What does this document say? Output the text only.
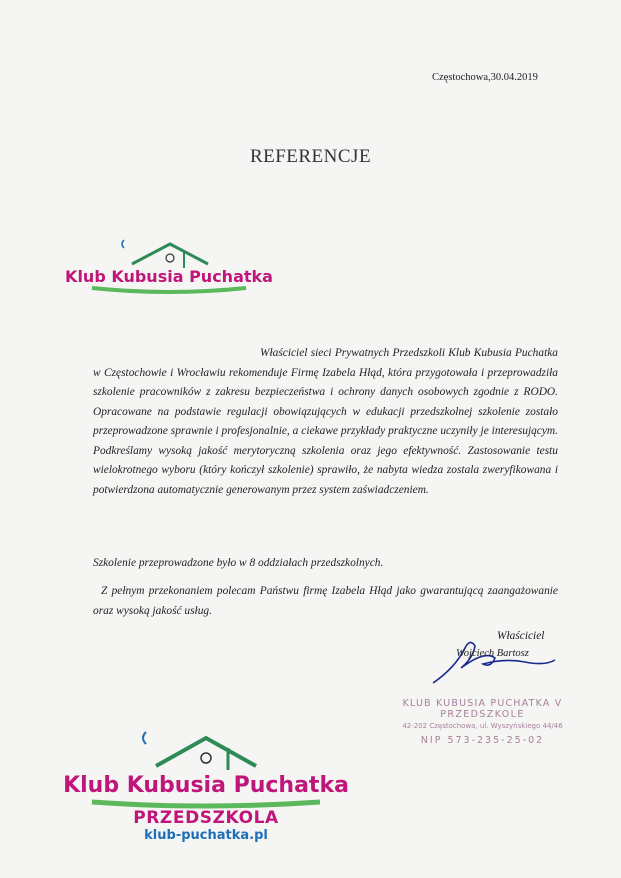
Częstochowa,30.04.2019
REFERENCJE
Klub Kubusia Puchatka

Właściciel sieci Prywatnych Przedszkoli Klub Kubusia Puchatka w Częstochowie i Wrocławiu rekomenduje Firmę Izabela Hłąd, która przygotowała i przeprowadziła szkolenie pracowników z zakresu bezpieczeństwa i ochrony danych osobowych zgodnie z RODO. Opracowane na podstawie regulacji obowiązujących w edukacji przedszkolnej szkolenie zostało przeprowadzone sprawnie i profesjonalnie, a ciekawe przykłady praktyczne uczyniły je interesującym. Podkreślamy wysoką jakość merytoryczną szkolenia oraz jego efektywność. Zastosowanie testu wielokrotnego wyboru (który kończył szkolenie) sprawiło, że nabyta wiedza zostala zweryfikowana i potwierdzona automatycznie generowanym przez system zaświadczeniem.

Szkolenie przeprowadzone było w 8 oddziałach przedszkolnych.

Z pełnym przekonaniem polecam Państwu firmę Izabela Hłąd jako gwarantującą zaangażowanie oraz wysoką jakość usług.

Właściciel
Wojciech Bartosz
KLUB KUBUSIA PUCHATKA V
PRZEDSZKOLE
42-202 Częstochowa, ul. Wyszyńskiego 44/46
NIP 573-235-25-02
Klub Kubusia Puchatka
PRZEDSZKOLA
klub-puchatka.pl
